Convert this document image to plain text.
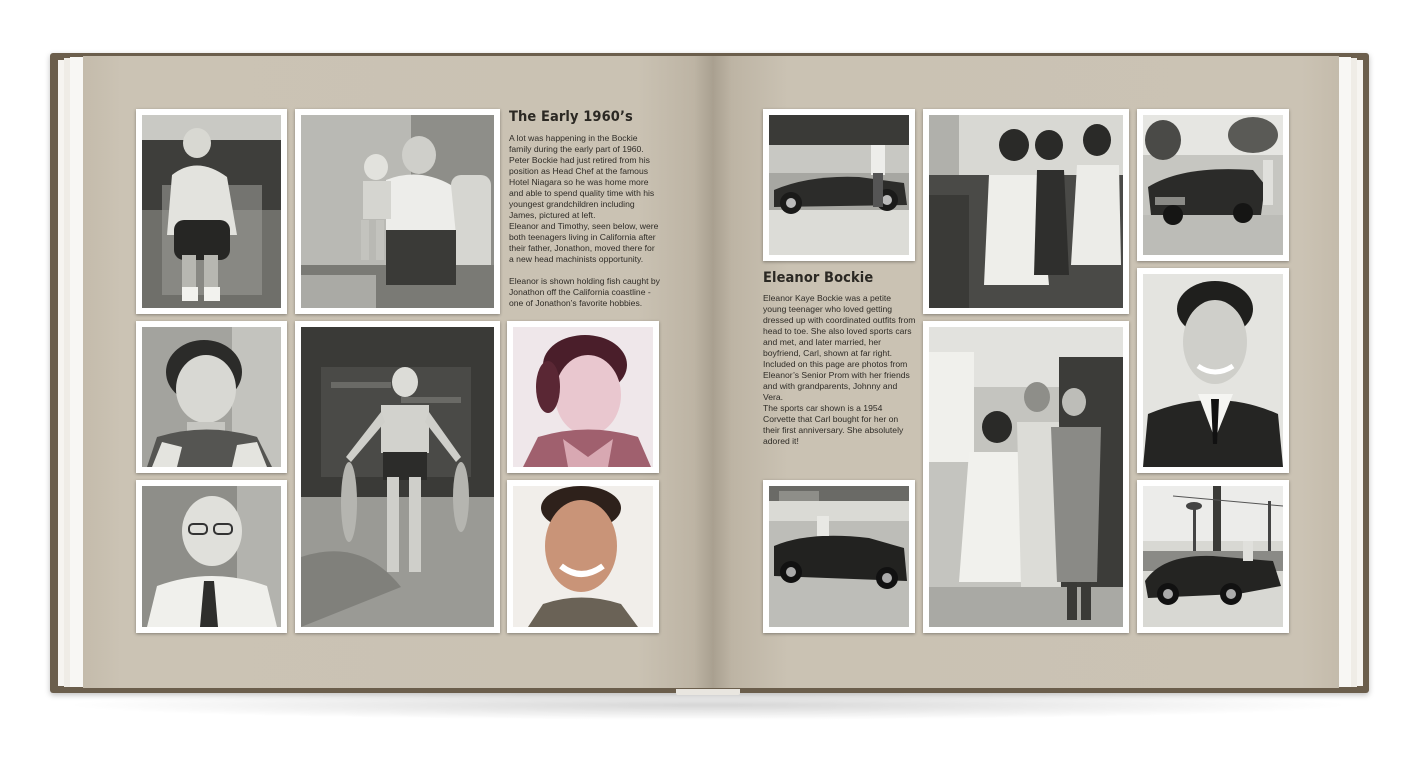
The Early 1960’s

A lot was happening in the Bockie family during the early part of 1960. Peter Bockie had just retired from his position as Head Chef at the famous Hotel Niagara so he was home more and able to spend quality time with his youngest grandchildren including James, pictured at left.

Eleanor and Timothy, seen below, were both teenagers living in California after their father, Jonathon, moved there for a new head machinists opportunity.

Eleanor is shown holding fish caught by Jonathon off the California coastline - one of Jonathon’s favorite hobbies.

Eleanor Bockie

Eleanor Kaye Bockie was a petite young teenager who loved getting dressed up with coordinated outfits from head to toe. She also loved sports cars and met, and later married, her boyfriend, Carl, shown at far right. Included on this page are photos from Eleanor’s Senior Prom with her friends and with grandparents, Johnny and Vera.

The sports car shown is a 1954 Corvette that Carl bought for her on their first anniversary. She absolutely adored it!
